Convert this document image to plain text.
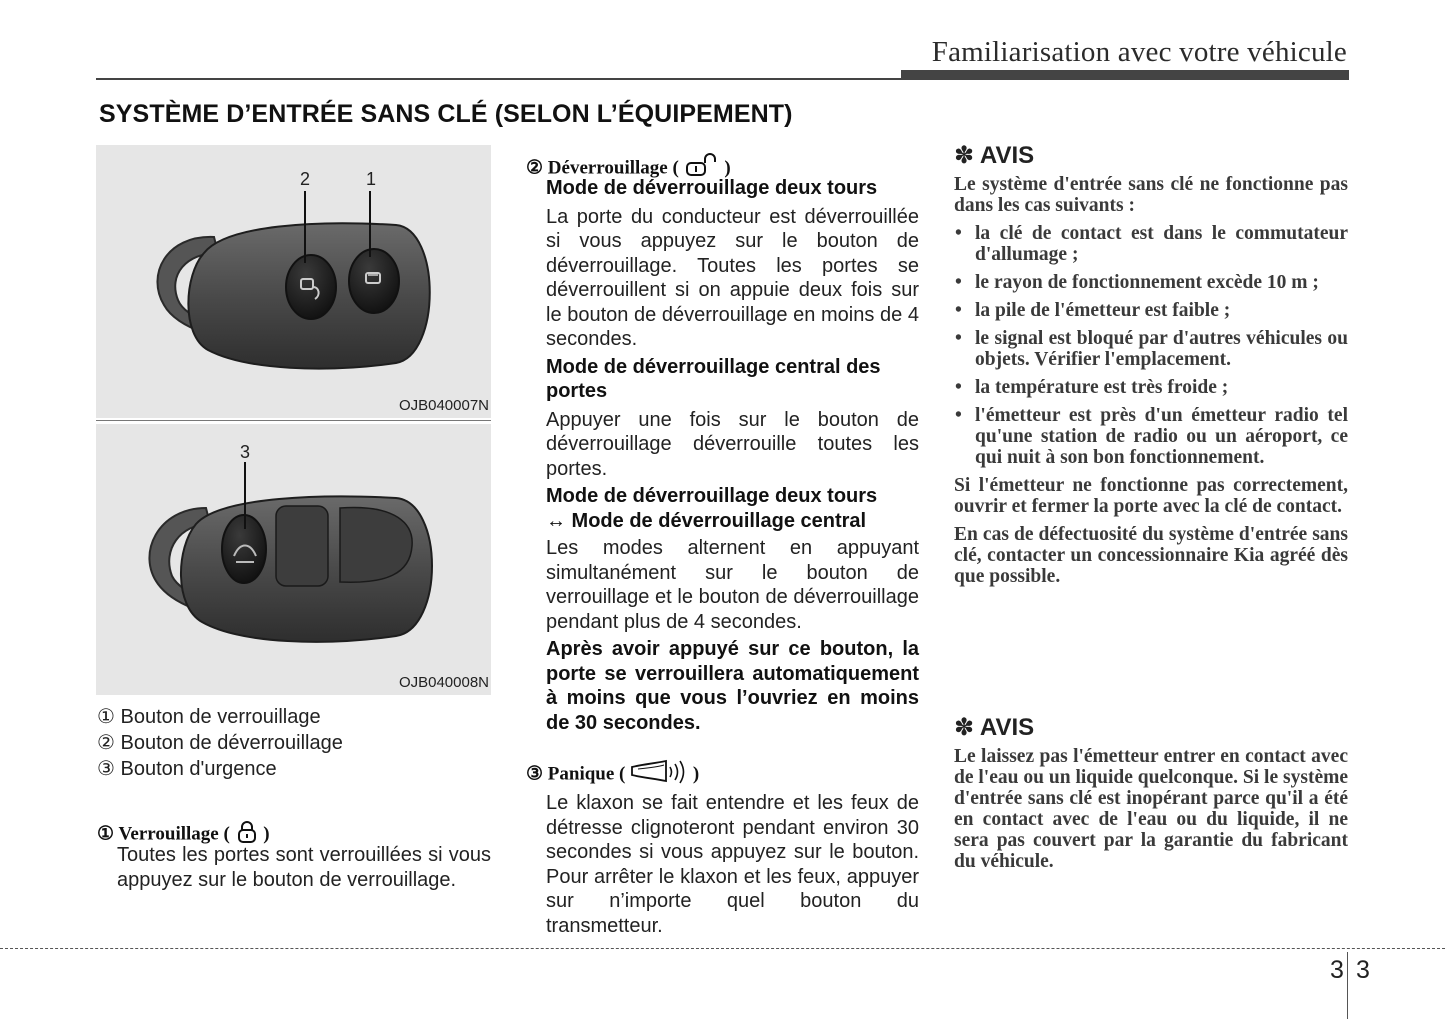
Familiarisation avec votre véhicule
SYSTÈME D’ENTRÉE SANS CLÉ (SELON L’ÉQUIPEMENT)
2	1
OJB040007N
3
OJB040008N
① Bouton de verrouillage
② Bouton de déverrouillage
③ Bouton d'urgence
① Verrouillage ( )
Toutes les portes sont verrouillées si vous appuyez sur le bouton de verrouillage.
② Déverrouillage ( )
Mode de déverrouillage deux tours
La porte du conducteur est déverrouillée si vous appuyez sur le bouton de déverrouillage. Toutes les portes se déverrouillent si on appuie deux fois sur le bouton de déverrouillage en moins de 4 secondes.
Mode de déverrouillage central des portes
Appuyer une fois sur le bouton de déverrouillage déverrouille toutes les portes.
Mode de déverrouillage deux tours
↔ Mode de déverrouillage central
Les modes alternent en appuyant simultanément sur le bouton de verrouillage et le bouton de déverrouillage pendant plus de 4 secondes.
Après avoir appuyé sur ce bouton, la porte se verrouillera automatiquement à moins que vous l’ouvriez en moins de 30 secondes.
③ Panique (	)
Le klaxon se fait entendre et les feux de détresse clignoteront pendant environ 30 secondes si vous appuyez sur le bouton. Pour arrêter le klaxon et les feux, appuyer sur n’importe quel bouton du transmetteur.
✽ AVIS

Le système d'entrée sans clé ne fonctionne pas dans les cas suivants :

• la clé de contact est dans le commutateur d'allumage ;
• le rayon de fonctionnement excède 10 m ;
• la pile de l'émetteur est faible ;
• le signal est bloqué par d'autres véhicules ou objets. Vérifier l'emplacement.
• la température est très froide ;
• l'émetteur est près d'un émetteur radio tel qu'une station de radio ou un aéroport, ce qui nuit à son bon fonctionnement.

Si l'émetteur ne fonctionne pas correctement, ouvrir et fermer la porte avec la clé de contact.

En cas de défectuosité du système d'entrée sans clé, contacter un concessionnaire Kia agréé dès que possible.

✽ AVIS

Le laissez pas l'émetteur entrer en contact avec de l'eau ou un liquide quelconque. Si le système d'entrée sans clé est inopérant parce qu'il a été en contact avec de l'eau ou du liquide, il ne sera pas couvert par la garantie du fabricant du véhicule.

3 3
